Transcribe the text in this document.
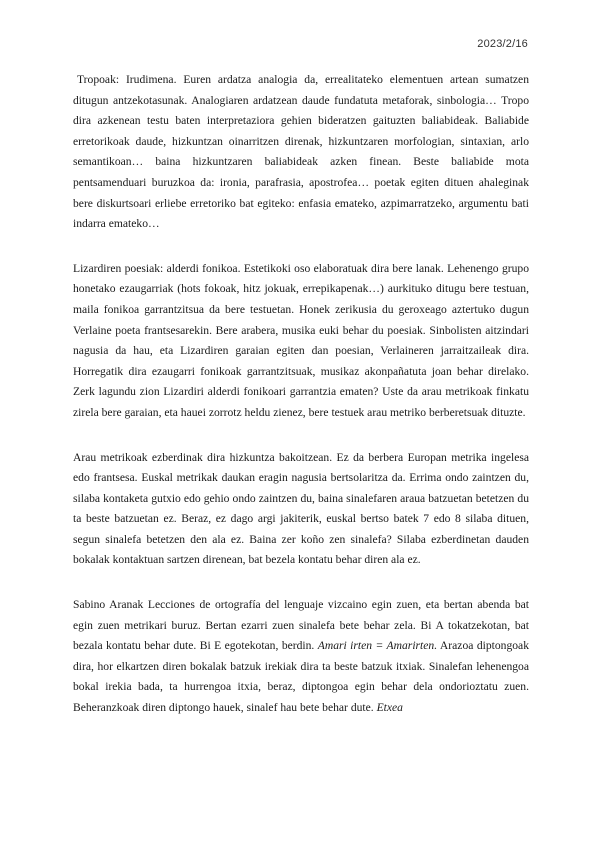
2023/2/16

Tropoak: Irudimena. Euren ardatza analogia da, errealitateko elementuen artean sumatzen ditugun antzekotasunak. Analogiaren ardatzean daude fundatuta metaforak, sinbologia… Tropo dira azkenean testu baten interpretaziora gehien bideratzen gaituzten baliabideak. Baliabide erretorikoak daude, hizkuntzan oinarritzen direnak, hizkuntzaren morfologian, sintaxian, arlo semantikoan… baina hizkuntzaren baliabideak azken finean. Beste baliabide mota pentsamenduari buruzkoa da: ironia, parafrasia, apostrofea… poetak egiten dituen ahaleginak bere diskurtsoari erliebe erretoriko bat egiteko: enfasia emateko, azpimarratzeko, argumentu bati indarra emateko…

Lizardiren poesiak: alderdi fonikoa. Estetikoki oso elaboratuak dira bere lanak. Lehenengo grupo honetako ezaugarriak (hots fokoak, hitz jokuak, errepikapenak…) aurkituko ditugu bere testuan, maila fonikoa garrantzitsua da bere testuetan. Honek zerikusia du geroxeago aztertuko dugun Verlaine poeta frantsesarekin. Bere arabera, musika euki behar du poesiak. Sinbolisten aitzindari nagusia da hau, eta Lizardiren garaian egiten dan poesian, Verlaineren jarraitzaileak dira. Horregatik dira ezaugarri fonikoak garrantzitsuak, musikaz akonpañatuta joan behar direlako. Zerk lagundu zion Lizardiri alderdi fonikoari garrantzia ematen? Uste da arau metrikoak finkatu zirela bere garaian, eta hauei zorrotz heldu zienez, bere testuek arau metriko berberetsuak dituzte.

Arau metrikoak ezberdinak dira hizkuntza bakoitzean. Ez da berbera Europan metrika ingelesa edo frantsesa. Euskal metrikak daukan eragin nagusia bertsolaritza da. Errima ondo zaintzen du, silaba kontaketa gutxio edo gehio ondo zaintzen du, baina sinalefaren araua batzuetan betetzen du ta beste batzuetan ez. Beraz, ez dago argi jakiterik, euskal bertso batek 7 edo 8 silaba dituen, segun sinalefa betetzen den ala ez. Baina zer koño zen sinalefa? Silaba ezberdinetan dauden bokalak kontaktuan sartzen direnean, bat bezela kontatu behar diren ala ez.

Sabino Aranak Lecciones de ortografía del lenguaje vizcaino egin zuen, eta bertan abenda bat egin zuen metrikari buruz. Bertan ezarri zuen sinalefa bete behar zela. Bi A tokatzekotan, bat bezala kontatu behar dute. Bi E egotekotan, berdin. Amari irten = Amarirten. Arazoa diptongoak dira, hor elkartzen diren bokalak batzuk irekiak dira ta beste batzuk itxiak. Sinalefan lehenengoa bokal irekia bada, ta hurrengoa itxia, beraz, diptongoa egin behar dela ondorioztatu zuen. Beheranzkoak diren diptongo hauek, sinalef hau bete behar dute. Etxea
